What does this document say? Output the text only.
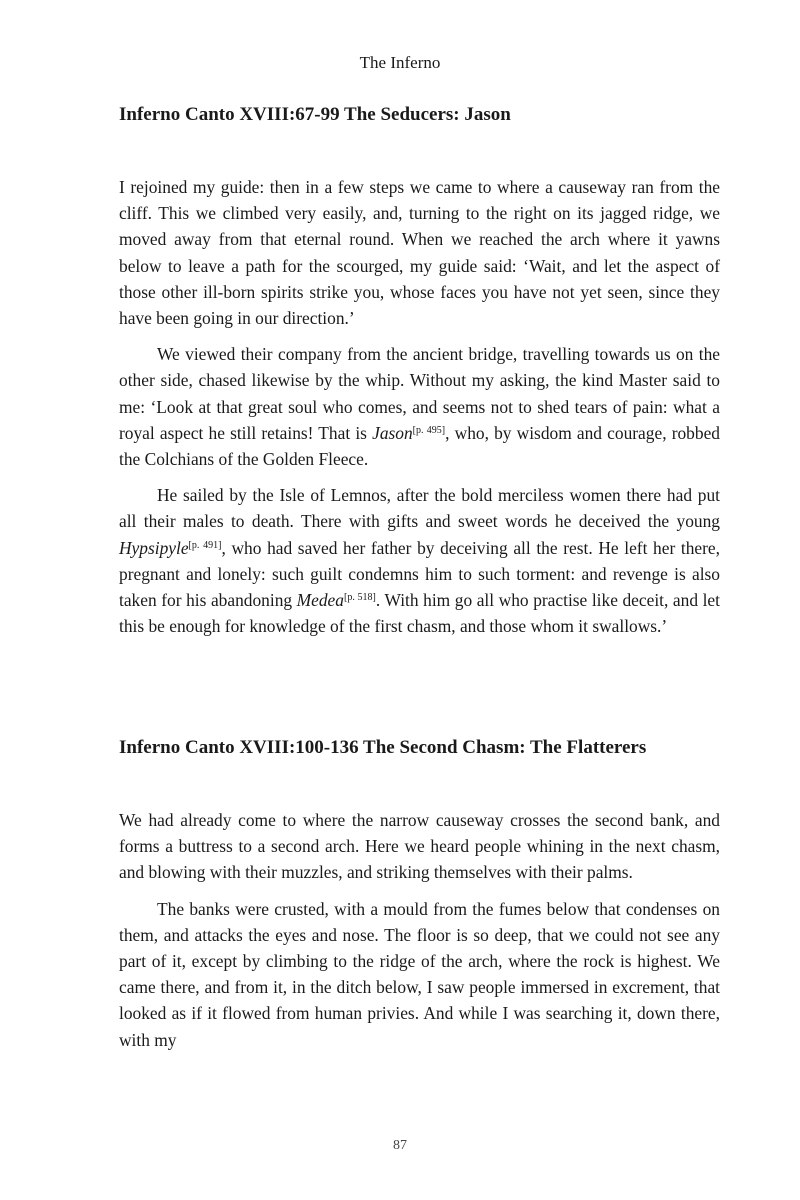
The Inferno
Inferno Canto XVIII:67-99 The Seducers: Jason

I rejoined my guide: then in a few steps we came to where a causeway ran from the cliff. This we climbed very easily, and, turning to the right on its jagged ridge, we moved away from that eternal round. When we reached the arch where it yawns below to leave a path for the scourged, my guide said: ‘Wait, and let the aspect of those other ill-born spirits strike you, whose faces you have not yet seen, since they have been going in our direction.’

We viewed their company from the ancient bridge, travelling towards us on the other side, chased likewise by the whip. Without my asking, the kind Master said to me: ‘Look at that great soul who comes, and seems not to shed tears of pain: what a royal aspect he still retains! That is Jason[p. 495], who, by wisdom and courage, robbed the Colchians of the Golden Fleece.

He sailed by the Isle of Lemnos, after the bold merciless women there had put all their males to death. There with gifts and sweet words he deceived the young Hypsipyle[p. 491], who had saved her father by deceiving all the rest. He left her there, pregnant and lonely: such guilt condemns him to such torment: and revenge is also taken for his abandoning Medea[p. 518]. With him go all who practise like deceit, and let this be enough for knowledge of the first chasm, and those whom it swallows.’

Inferno Canto XVIII:100-136 The Second Chasm: The Flatterers

We had already come to where the narrow causeway crosses the second bank, and forms a buttress to a second arch. Here we heard people whining in the next chasm, and blowing with their muzzles, and striking themselves with their palms.

The banks were crusted, with a mould from the fumes below that condenses on them, and attacks the eyes and nose. The floor is so deep, that we could not see any part of it, except by climbing to the ridge of the arch, where the rock is highest. We came there, and from it, in the ditch below, I saw people immersed in excrement, that looked as if it flowed from human privies. And while I was searching it, down there, with my

87
